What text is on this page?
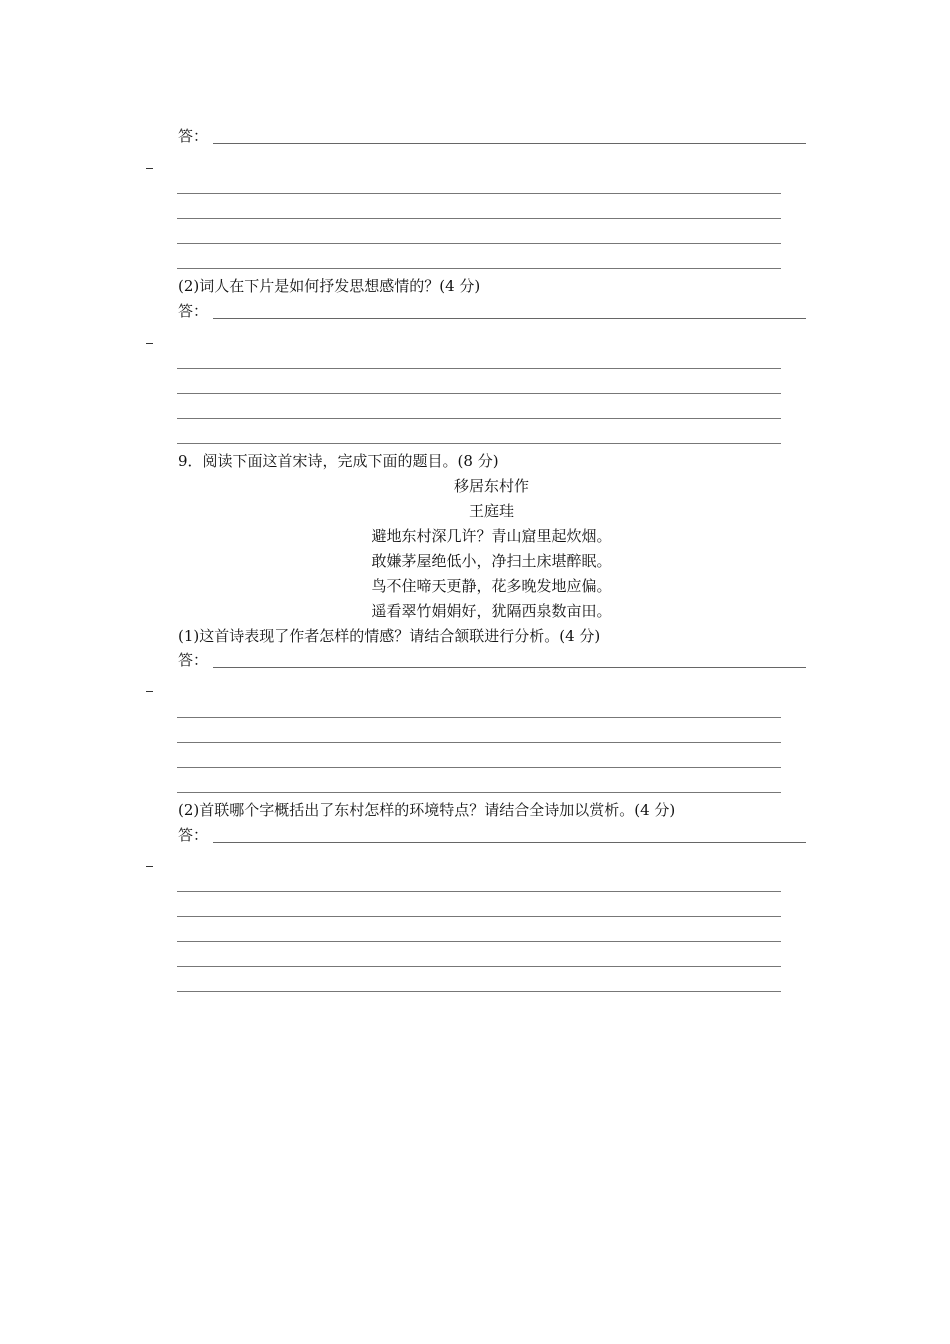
答：
(2)词人在下片是如何抒发思想感情的？(4 分)
答：
9．阅读下面这首宋诗，完成下面的题目。(8 分)
移居东村作
王庭珪
避地东村深几许？青山窟里起炊烟。
敢嫌茅屋绝低小，净扫土床堪醉眠。
鸟不住啼天更静，花多晚发地应偏。
遥看翠竹娟娟好，犹隔西泉数亩田。
(1)这首诗表现了作者怎样的情感？请结合颔联进行分析。(4 分)
答：
(2)首联哪个字概括出了东村怎样的环境特点？请结合全诗加以赏析。(4 分)
答：
